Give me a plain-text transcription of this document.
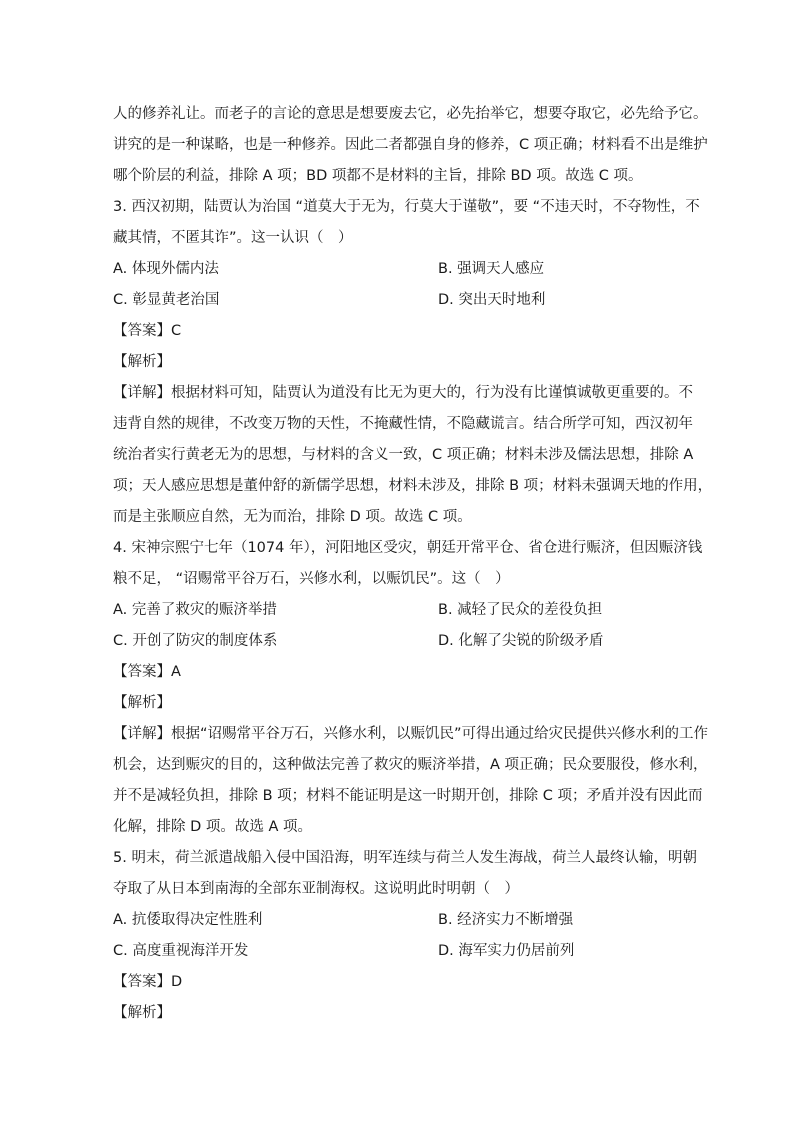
人的修养礼让。而老子的言论的意思是想要废去它，必先抬举它，想要夺取它，必先给予它。
讲究的是一种谋略，也是一种修养。因此二者都强自身的修养，C 项正确；材料看不出是维护
哪个阶层的利益，排除 A 项；BD 项都不是材料的主旨，排除 BD 项。故选 C 项。
3. 西汉初期，陆贾认为治国 “道莫大于无为，行莫大于谨敬”，要 “不违天时，不夺物性，不
藏其情，不匿其诈”。这一认识（　）
A. 体现外儒内法	B. 强调天人感应
C. 彰显黄老治国	D. 突出天时地利
【答案】C
【解析】
【详解】根据材料可知，陆贾认为道没有比无为更大的，行为没有比谨慎诚敬更重要的。不
违背自然的规律，不改变万物的天性，不掩藏性情，不隐藏谎言。结合所学可知，西汉初年
统治者实行黄老无为的思想，与材料的含义一致，C 项正确；材料未涉及儒法思想，排除 A
项；天人感应思想是董仲舒的新儒学思想，材料未涉及，排除 B 项；材料未强调天地的作用，
而是主张顺应自然，无为而治，排除 D 项。故选 C 项。
4. 宋神宗熙宁七年（1074 年），河阳地区受灾，朝廷开常平仓、省仓进行赈济，但因赈济钱
粮不足， “诏赐常平谷万石，兴修水利，以赈饥民”。这（　）
A. 完善了救灾的赈济举措	B. 减轻了民众的差役负担
C. 开创了防灾的制度体系	D. 化解了尖锐的阶级矛盾
【答案】A
【解析】
【详解】根据“诏赐常平谷万石，兴修水利，以赈饥民”可得出通过给灾民提供兴修水利的工作
机会，达到赈灾的目的，这种做法完善了救灾的赈济举措，A 项正确；民众要服役，修水利，
并不是减轻负担，排除 B 项；材料不能证明是这一时期开创，排除 C 项；矛盾并没有因此而
化解，排除 D 项。故选 A 项。
5. 明末，荷兰派遣战船入侵中国沿海，明军连续与荷兰人发生海战，荷兰人最终认输，明朝
夺取了从日本到南海的全部东亚制海权。这说明此时明朝（　）
A. 抗倭取得决定性胜利	B. 经济实力不断增强
C. 高度重视海洋开发	D. 海军实力仍居前列
【答案】D
【解析】
